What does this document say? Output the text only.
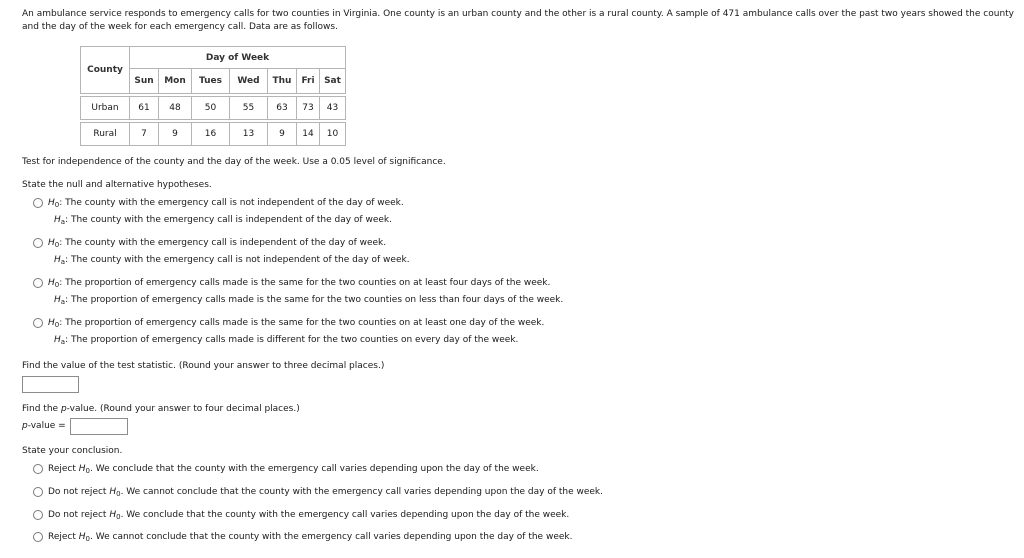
An ambulance service responds to emergency calls for two counties in Virginia. One county is an urban county and the other is a rural county. A sample of 471 ambulance calls over the past two years showed the county and the day of the week for each emergency call. Data are as follows.
County	Day of Week						
	Sun	Mon	Tues	Wed	Thu	Fri	Sat

Urban	61	48	50	55	63	73	43

Rural	7	9	16	13	9	14	10
Test for independence of the county and the day of the week. Use a 0.05 level of significance.
State the null and alternative hypotheses.
$H_0$: The county with the emergency call is not independent of the day of week.
$H_a$: The county with the emergency call is independent of the day of week.
$H_0$: The county with the emergency call is independent of the day of week.
$H_a$: The county with the emergency call is not independent of the day of week.
$H_0$: The proportion of emergency calls made is the same for the two counties on at least four days of the week.
$H_a$: The proportion of emergency calls made is the same for the two counties on less than four days of the week.
$H_0$: The proportion of emergency calls made is the same for the two counties on at least one day of the week.
$H_a$: The proportion of emergency calls made is different for the two counties on every day of the week.
Find the value of the test statistic. (Round your answer to three decimal places.)
Find the p-value. (Round your answer to four decimal places.)
p-value =
State your conclusion.
Reject $H_0$. We conclude that the county with the emergency call varies depending upon the day of the week.
Do not reject $H_0$. We cannot conclude that the county with the emergency call varies depending upon the day of the week.
Do not reject $H_0$. We conclude that the county with the emergency call varies depending upon the day of the week.
Reject $H_0$. We cannot conclude that the county with the emergency call varies depending upon the day of the week.
